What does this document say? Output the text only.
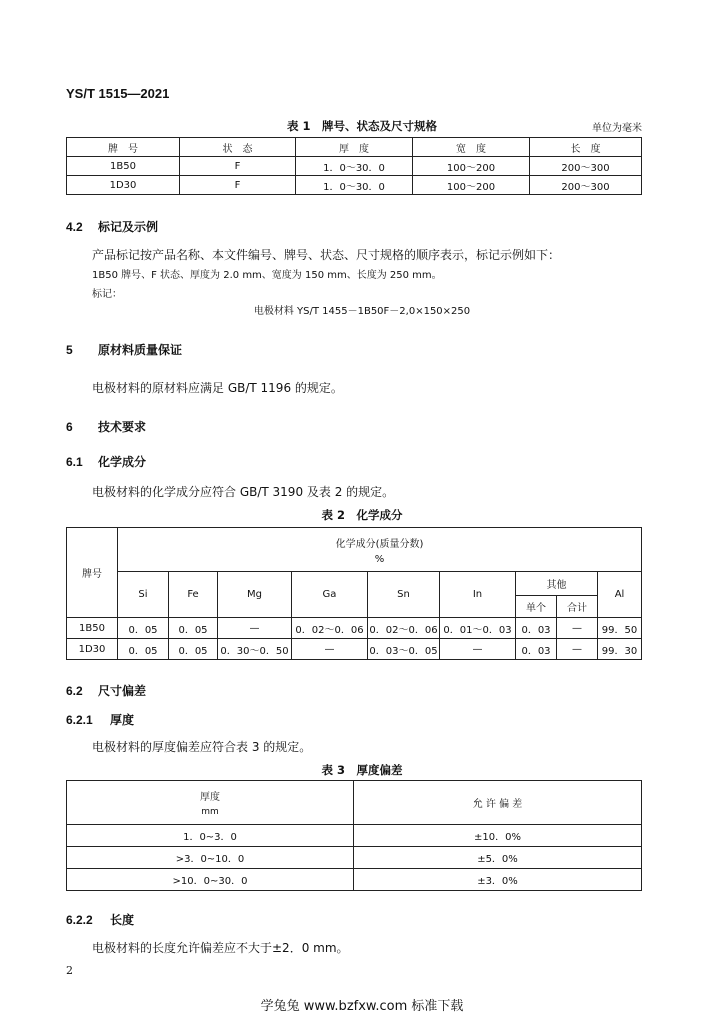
YS/T 1515—2021
表 1　牌号、状态及尺寸规格	单位为毫米
牌　号	状　态	厚　度	宽　度	长　度
1B50	F	1．0～30．0	100～200	200～300
1D30	F	1．0～30．0	100～200	200～300
4.2 标记及示例
产品标记按产品名称、本文件编号、牌号、状态、尺寸规格的顺序表示，标记示例如下：
1B50 牌号、F 状态、厚度为 2.0 mm、宽度为 150 mm、长度为 250 mm。
标记：
电极材料 YS/T 1455－1B50F－2,0×150×250
5 原材料质量保证
电极材料的原材料应满足 GB/T 1196 的规定。
6 技术要求
6.1 化学成分
电极材料的化学成分应符合 GB/T 3190 及表 2 的规定。
表 2　化学成分
牌号	化学成分(质量分数)
%								

	Si	Fe	Mg	Ga	Sn	In	其他		Al
							单个	合计	
1B50	0．05	0．05	—	0．02～0．06	0．02～0．06	0．01～0．03	0．03	—	99．50
1D30	0．05	0．05	0．30～0．50	—	0．03～0．05	—	0．03	—	99．30
6.2 尺寸偏差
6.2.1 厚度
电极材料的厚度偏差应符合表 3 的规定。
表 3　厚度偏差
厚度
mm	允 许 偏 差
1．0~3．0	±10．0%
>3．0~10．0	±5．0%
>10．0~30．0	±3．0%
6.2.2 长度
电极材料的长度允许偏差应不大于±2．0 mm。
2
学兔兔 www.bzfxw.com 标准下载
